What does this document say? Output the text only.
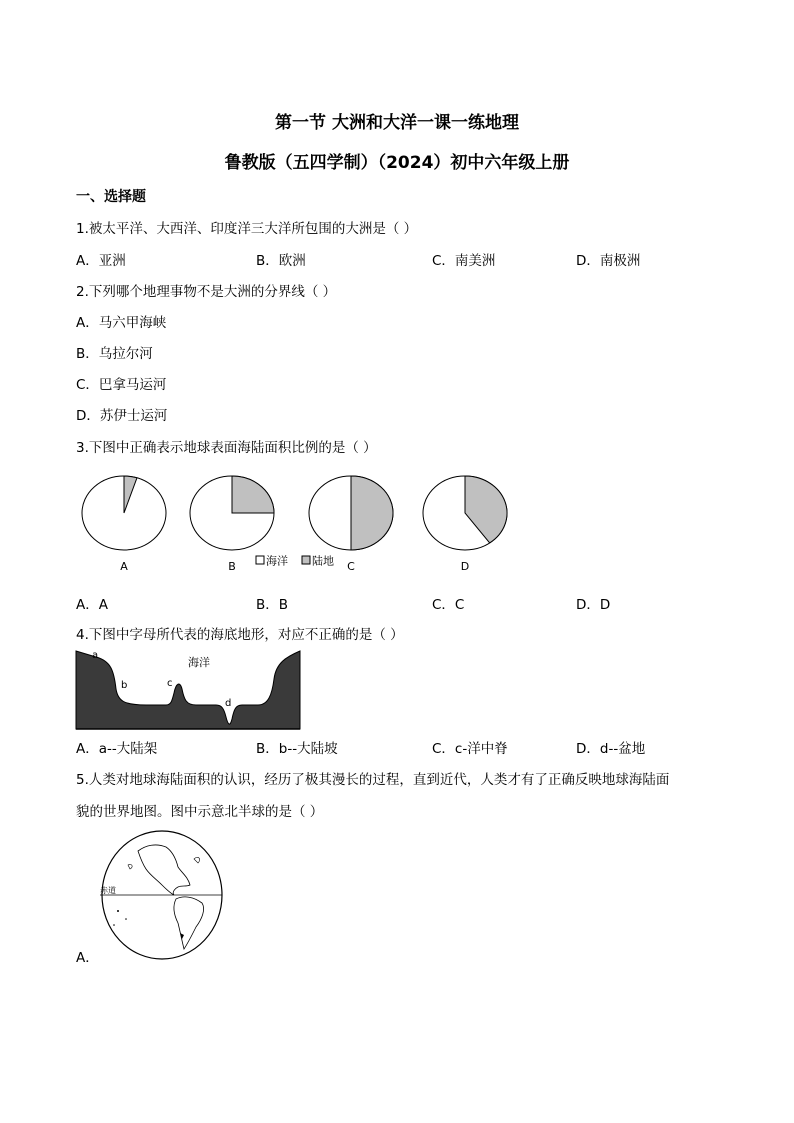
第一节 大洲和大洋一课一练地理
鲁教版（五四学制）（2024）初中六年级上册
一、选择题
1.被太平洋、大西洋、印度洋三大洋所包围的大洲是（ ）
A．亚洲	B．欧洲	C．南美洲	D．南极洲
2.下列哪个地理事物不是大洲的分界线（ ）
A．马六甲海峡
B．乌拉尔河
C．巴拿马运河
D．苏伊士运河
3.下图中正确表示地球表面海陆面积比例的是（ ）
A	B	C	D
海洋 陆地
A．A	B．B	C．C	D．D
4.下图中字母所代表的海底地形，对应不正确的是（ ）
海洋
a
b	c
d
A．a--大陆架	B．b--大陆坡	C．c-洋中脊	D．d--盆地
5.人类对地球海陆面积的认识，经历了极其漫长的过程，直到近代，人类才有了正确反映地球海陆面
貌的世界地图。图中示意北半球的是（ ）
赤道
A．
